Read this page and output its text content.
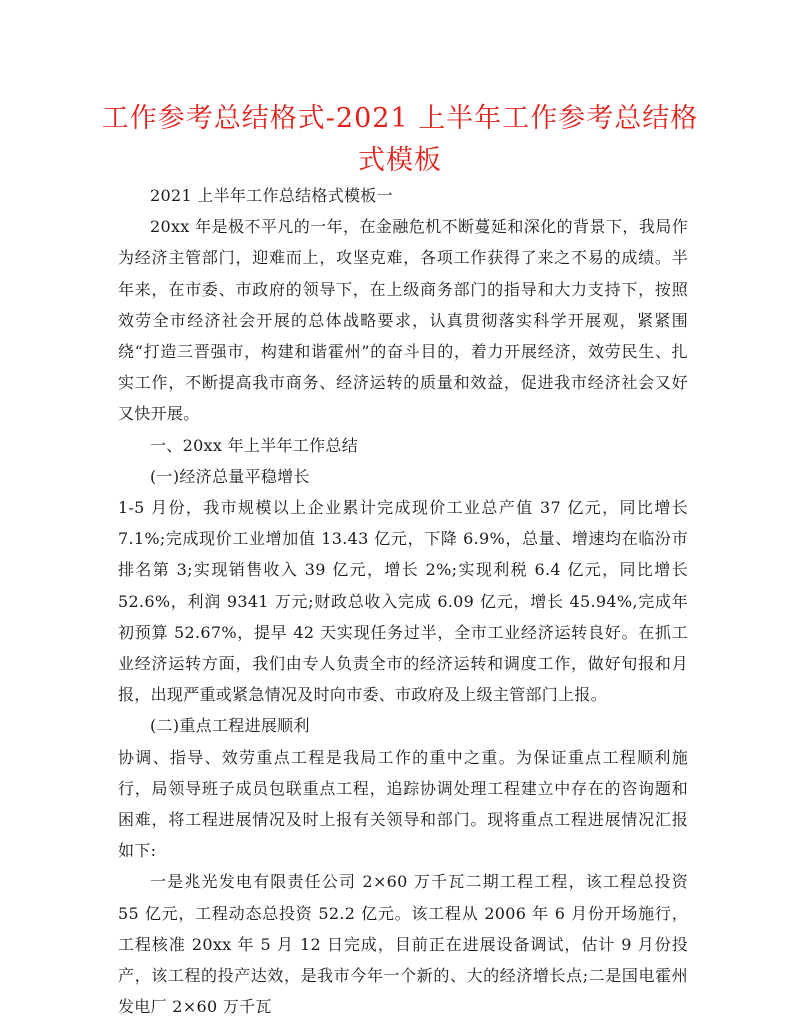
工作参考总结格式-2021 上半年工作参考总结格式模板

2021 上半年工作总结格式模板一

20xx 年是极不平凡的一年，在金融危机不断蔓延和深化的背景下，我局作为经济主管部门，迎难而上，攻坚克难，各项工作获得了来之不易的成绩。半年来，在市委、市政府的领导下，在上级商务部门的指导和大力支持下，按照效劳全市经济社会开展的总体战略要求，认真贯彻落实科学开展观，紧紧围绕“打造三晋强市，构建和谐霍州”的奋斗目的，着力开展经济，效劳民生、扎实工作，不断提高我市商务、经济运转的质量和效益，促进我市经济社会又好又快开展。

一、20xx 年上半年工作总结

(一)经济总量平稳增长

1-5 月份，我市规模以上企业累计完成现价工业总产值 37 亿元，同比增长 7.1%;完成现价工业增加值 13.43 亿元，下降 6.9%，总量、增速均在临汾市排名第 3;实现销售收入 39 亿元，增长 2%;实现利税 6.4 亿元，同比增长 52.6%，利润 9341 万元;财政总收入完成 6.09 亿元，增长 45.94%,完成年初预算 52.67%，提早 42 天实现任务过半，全市工业经济运转良好。在抓工业经济运转方面，我们由专人负责全市的经济运转和调度工作，做好旬报和月报，出现严重或紧急情况及时向市委、市政府及上级主管部门上报。

(二)重点工程进展顺利

协调、指导、效劳重点工程是我局工作的重中之重。为保证重点工程顺利施行，局领导班子成员包联重点工程，追踪协调处理工程建立中存在的咨询题和困难，将工程进展情况及时上报有关领导和部门。现将重点工程进展情况汇报如下:

一是兆光发电有限责任公司 2×60 万千瓦二期工程工程，该工程总投资 55 亿元，工程动态总投资 52.2 亿元。该工程从 2006 年 6 月份开场施行，工程核准 20xx 年 5 月 12 日完成，目前正在进展设备调试，估计 9 月份投产，该工程的投产达效，是我市今年一个新的、大的经济增长点;二是国电霍州发电厂 2×60 万千瓦
